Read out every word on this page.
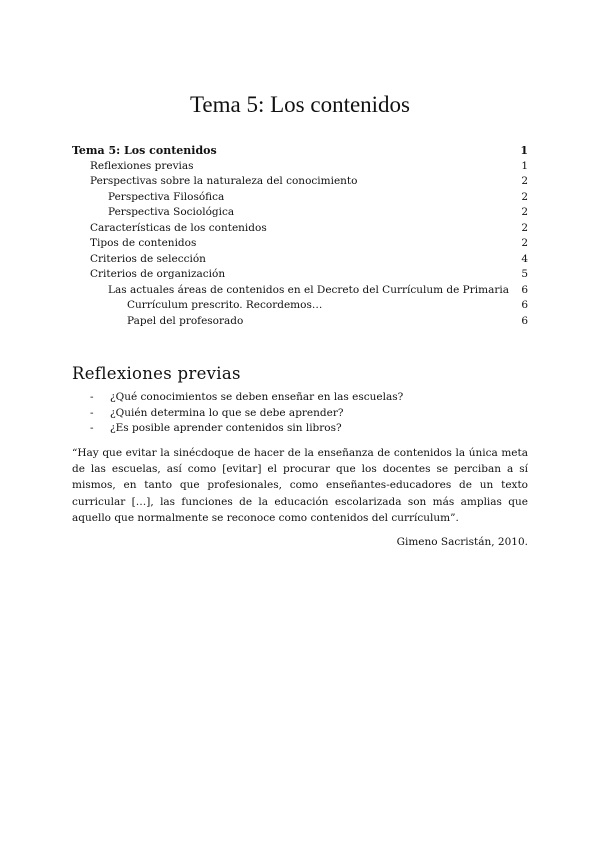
Tema 5: Los contenidos
Tema 5: Los contenidos	1
Reflexiones previas	1
Perspectivas sobre la naturaleza del conocimiento	2
Perspectiva Filosófica	2
Perspectiva Sociológica	2
Características de los contenidos	2
Tipos de contenidos	2
Criterios de selección	4
Criterios de organización	5
Las actuales áreas de contenidos en el Decreto del Currículum de Primaria	6
Currículum prescrito. Recordemos…	6
Papel del profesorado	6
Reflexiones previas
-	¿Qué conocimientos se deben enseñar en las escuelas?
-	¿Quién determina lo que se debe aprender?
-	¿Es posible aprender contenidos sin libros?

“Hay que evitar la sinécdoque de hacer de la enseñanza de contenidos la única meta de las escuelas, así como [evitar] el procurar que los docentes se perciban a sí mismos, en tanto que profesionales, como enseñantes-educadores de un texto curricular […], las funciones de la educación escolarizada son más amplias que aquello que normalmente se reconoce como contenidos del currículum”.

Gimeno Sacristán, 2010.
